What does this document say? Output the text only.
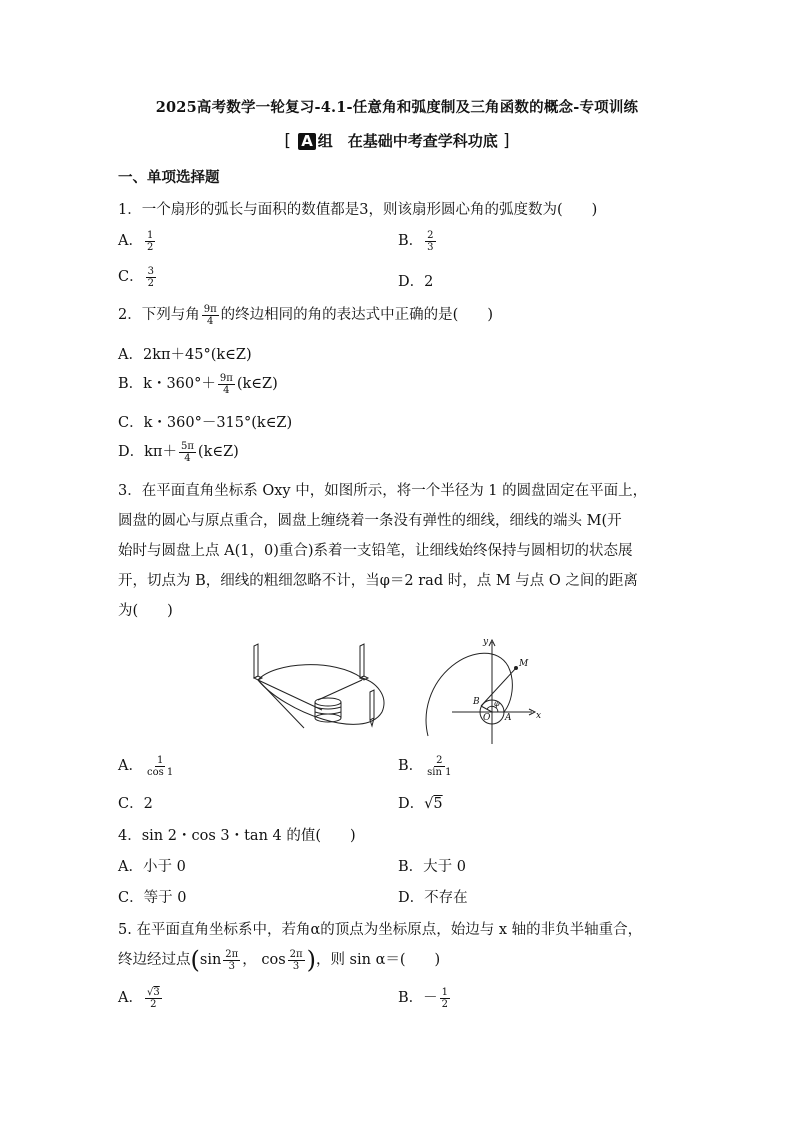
2025高考数学一轮复习-4.1-任意角和弧度制及三角函数的概念-专项训练
[ A 组　在基础中考查学科功底 ]
一、单项选择题
1．一个扇形的弧长与面积的数值都是3，则该扇形圆心角的弧度数为(　　)
A． $\frac{1}{2}$	B． $\frac{2}{3}$
C． $\frac{3}{2}$	D．2
2．下列与角 $\frac{9\pi}{4}$ 的终边相同的角的表达式中正确的是(　　)
A．2kπ＋45°(k∈Z)
B．k・$360^\circ+ \frac{9\pi}{4}$ (k∈Z)
C．k・360°－315°(k∈Z)
D．$k\pi+ \frac{5\pi}{4}$ (k∈Z)
3．在平面直角坐标系 Oxy 中，如图所示，将一个半径为 1 的圆盘固定在平面上，
圆盘的圆心与原点重合，圆盘上缠绕着一条没有弹性的细线，细线的端头 M(开
始时与圆盘上点 A(1，0)重合)系着一支铅笔，让细线始终保持与圆相切的状态展
开，切点为 B，细线的粗细忽略不计，当φ＝2 rad 时，点 M 与点 O 之间的距离
为(　　)
y
x
M
B
O A
φ
A． $\frac{1}{\cos 1}$	B． $\frac{2}{\sin 1}$
C．2	D．√5
4．sin 2・cos 3・tan 4 的值(　　)
A．小于 0	B．大于 0
C．等于 0	D．不存在
5. 在平面直角坐标系中，若角α的顶点为坐标原点，始边与 x 轴的非负半轴重合，
终边经过点($\sin \frac{2\pi}{3}$ ， $\cos \frac{2\pi}{3}$ )，则 sin α＝(　　)
A． $\frac{√3}{2}$	B．－ $\frac{1}{2}$
